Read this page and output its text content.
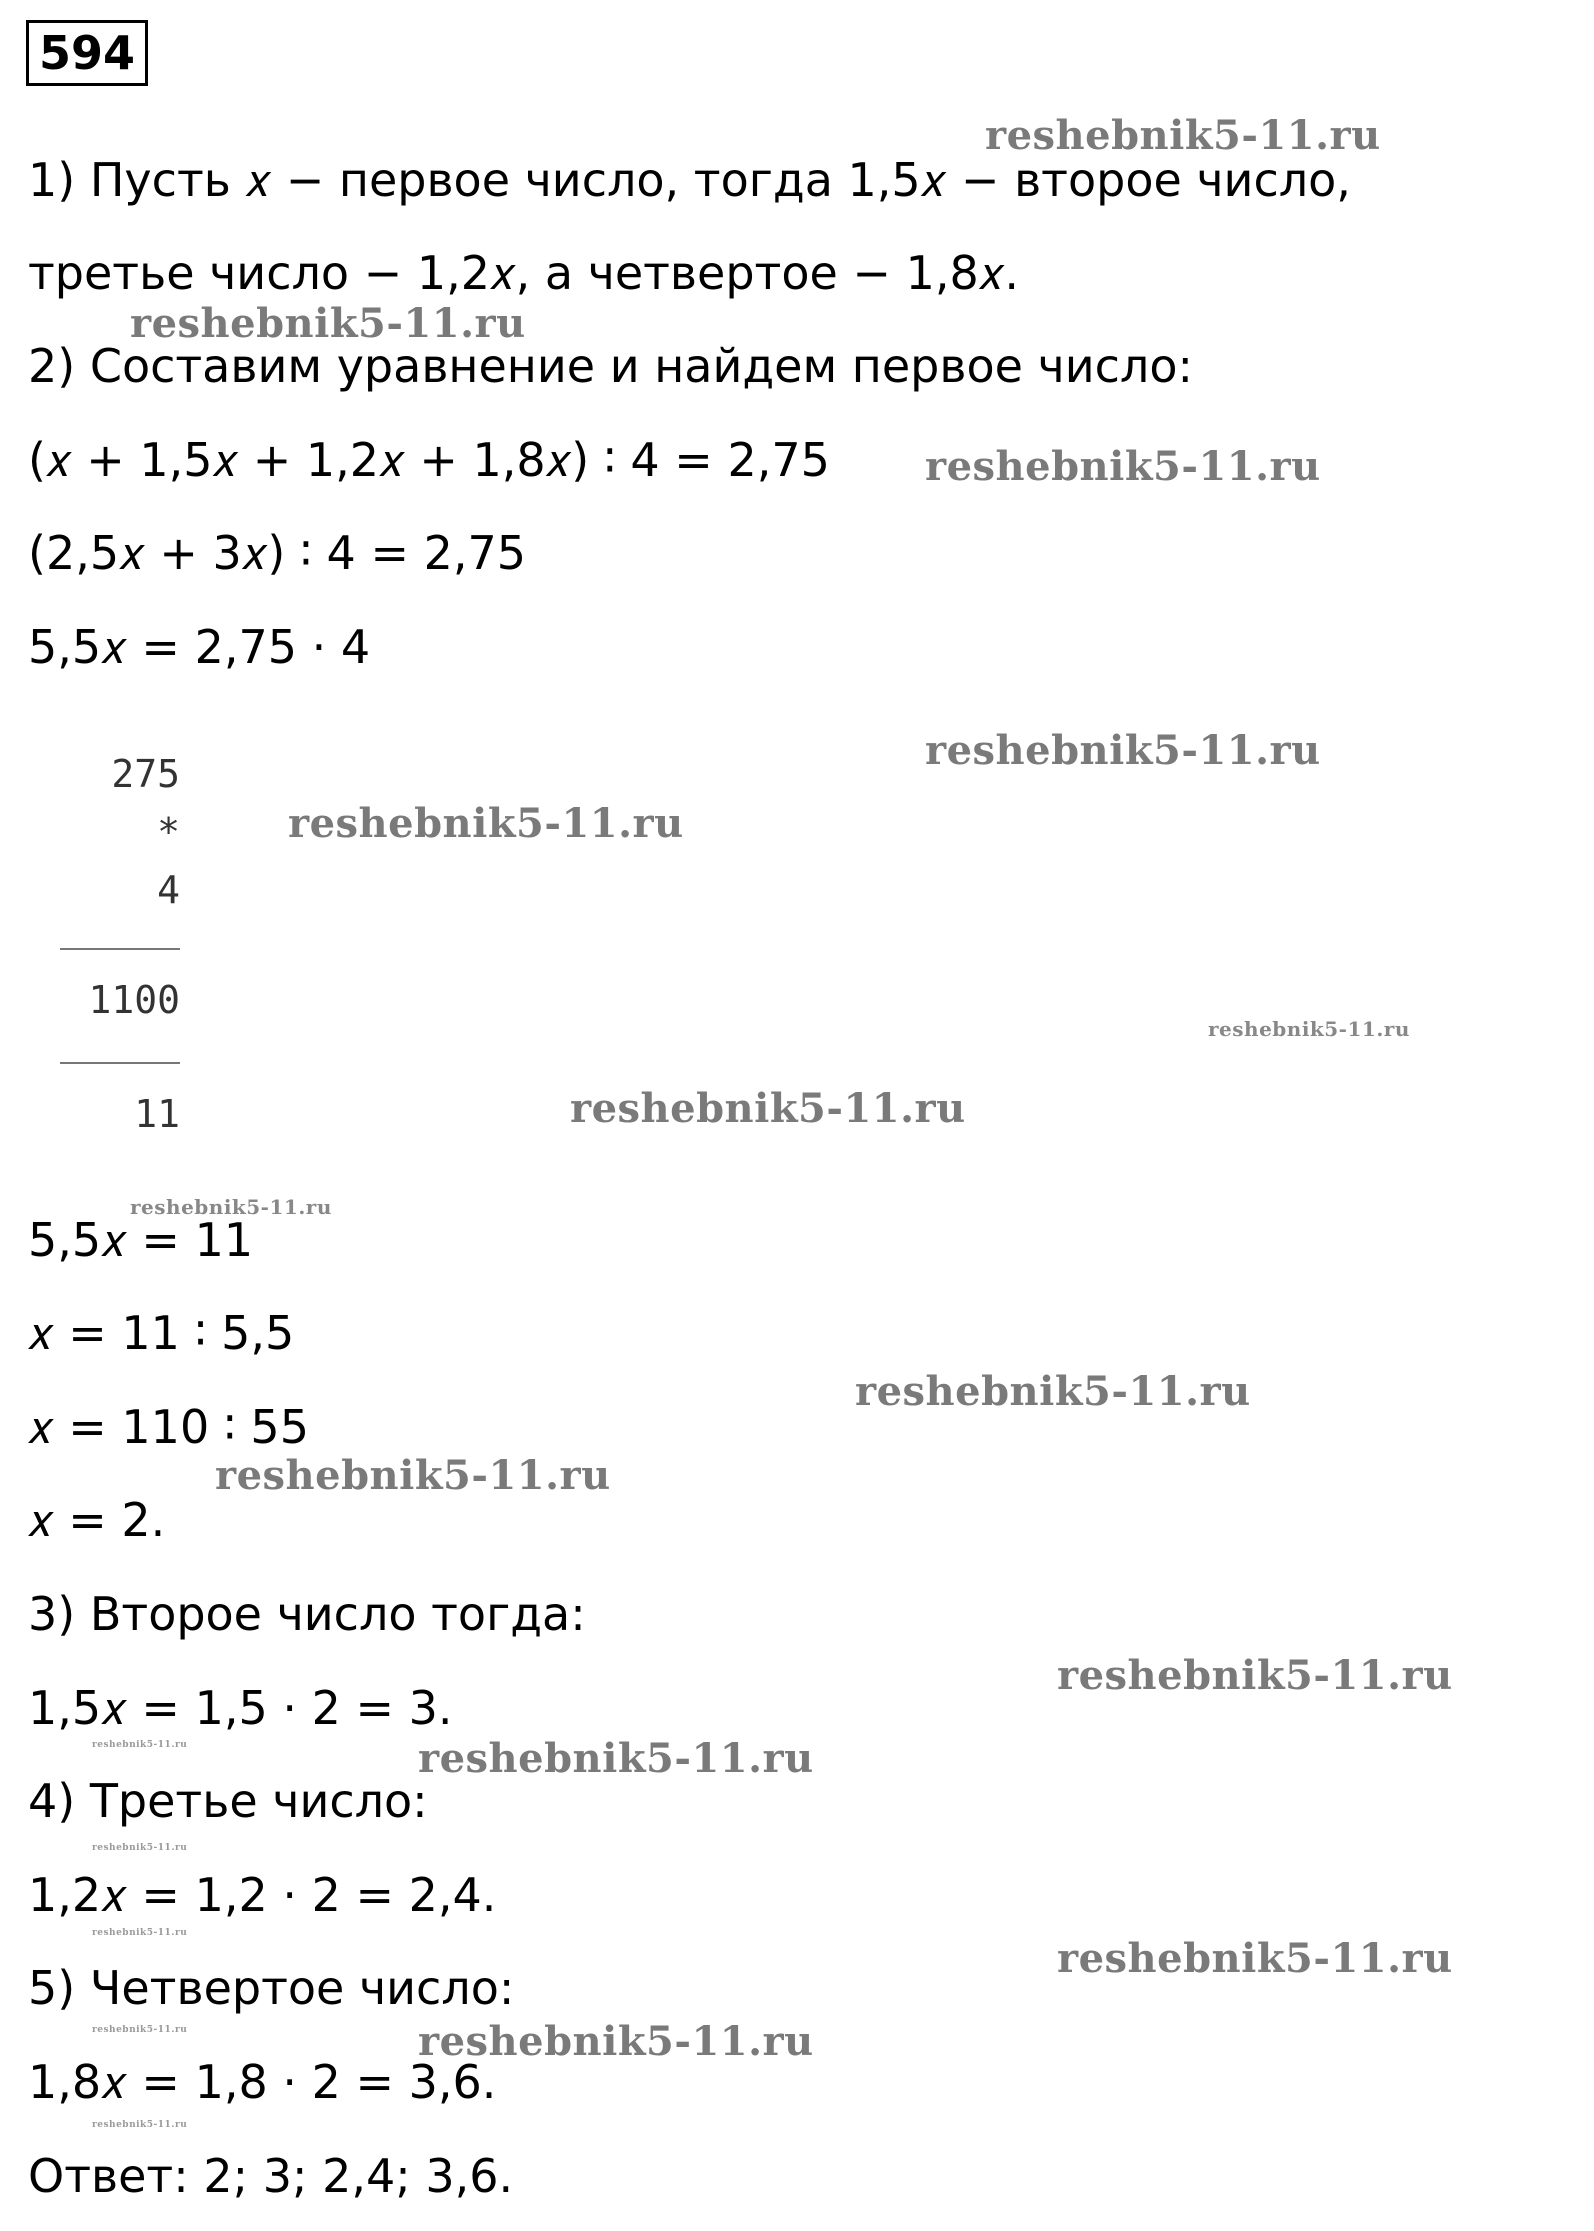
594
1) Пусть 𝑥 − первое число, тогда 1,5𝑥 − второе число,
третье число − 1,2𝑥, а четвертое − 1,8𝑥.
2) Составим уравнение и найдем первое число:
(𝑥 + 1,5𝑥 + 1,2𝑥 + 1,8𝑥) ∶ 4 = 2,75
(2,5𝑥 + 3𝑥) ∶ 4 = 2,75
5,5𝑥 = 2,75 ⋅ 4
275
*
4
1100
11
5,5𝑥 = 11
𝑥 = 11 ∶ 5,5
𝑥 = 110 ∶ 55
𝑥 = 2.
3) Второе число тогда:
1,5𝑥 = 1,5 ⋅ 2 = 3.
4) Третье число:
1,2𝑥 = 1,2 ⋅ 2 = 2,4.
5) Четвертое число:
1,8𝑥 = 1,8 ⋅ 2 = 3,6.
Ответ: 2; 3; 2,4; 3,6.
reshebnik5-11.ru
reshebnik5-11.ru
reshebnik5-11.ru
reshebnik5-11.ru
reshebnik5-11.ru
reshebnik5-11.ru
reshebnik5-11.ru
reshebnik5-11.ru
reshebnik5-11.ru
reshebnik5-11.ru
reshebnik5-11.ru
reshebnik5-11.ru
reshebnik5-11.ru
reshebnik5-11.ru
reshebnik5-11.ru
reshebnik5-11.ru
reshebnik5-11.ru
reshebnik5-11.ru
reshebnik5-11.ru
